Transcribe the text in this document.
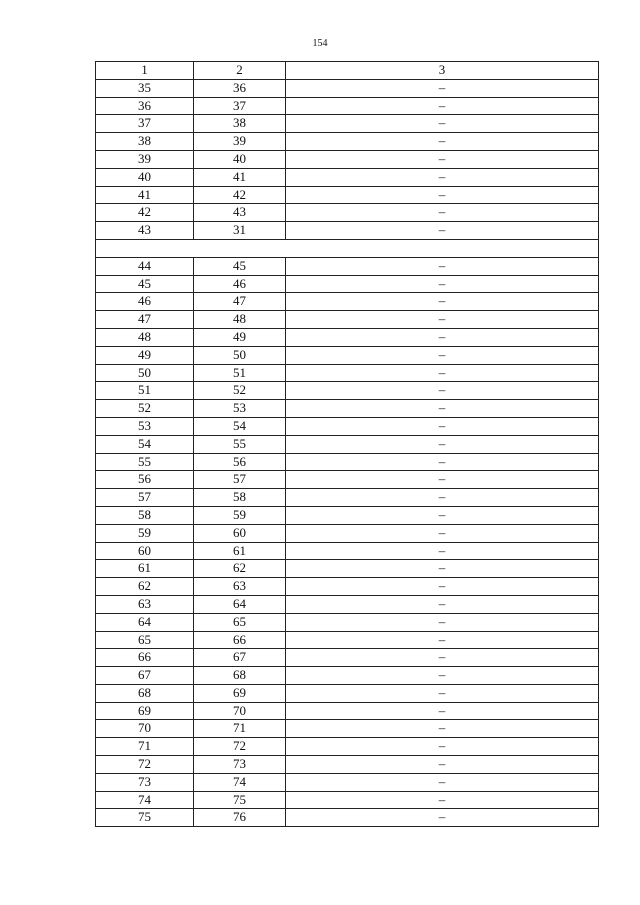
154
1	2	3
35	36	–
36	37	–
37	38	–
38	39	–
39	40	–
40	41	–
41	42	–
42	43	–
43	31	–

44	45	–
45	46	–
46	47	–
47	48	–
48	49	–
49	50	–
50	51	–
51	52	–
52	53	–
53	54	–
54	55	–
55	56	–
56	57	–
57	58	–
58	59	–
59	60	–
60	61	–
61	62	–
62	63	–
63	64	–
64	65	–
65	66	–
66	67	–
67	68	–
68	69	–
69	70	–
70	71	–
71	72	–
72	73	–
73	74	–
74	75	–
75	76	–
